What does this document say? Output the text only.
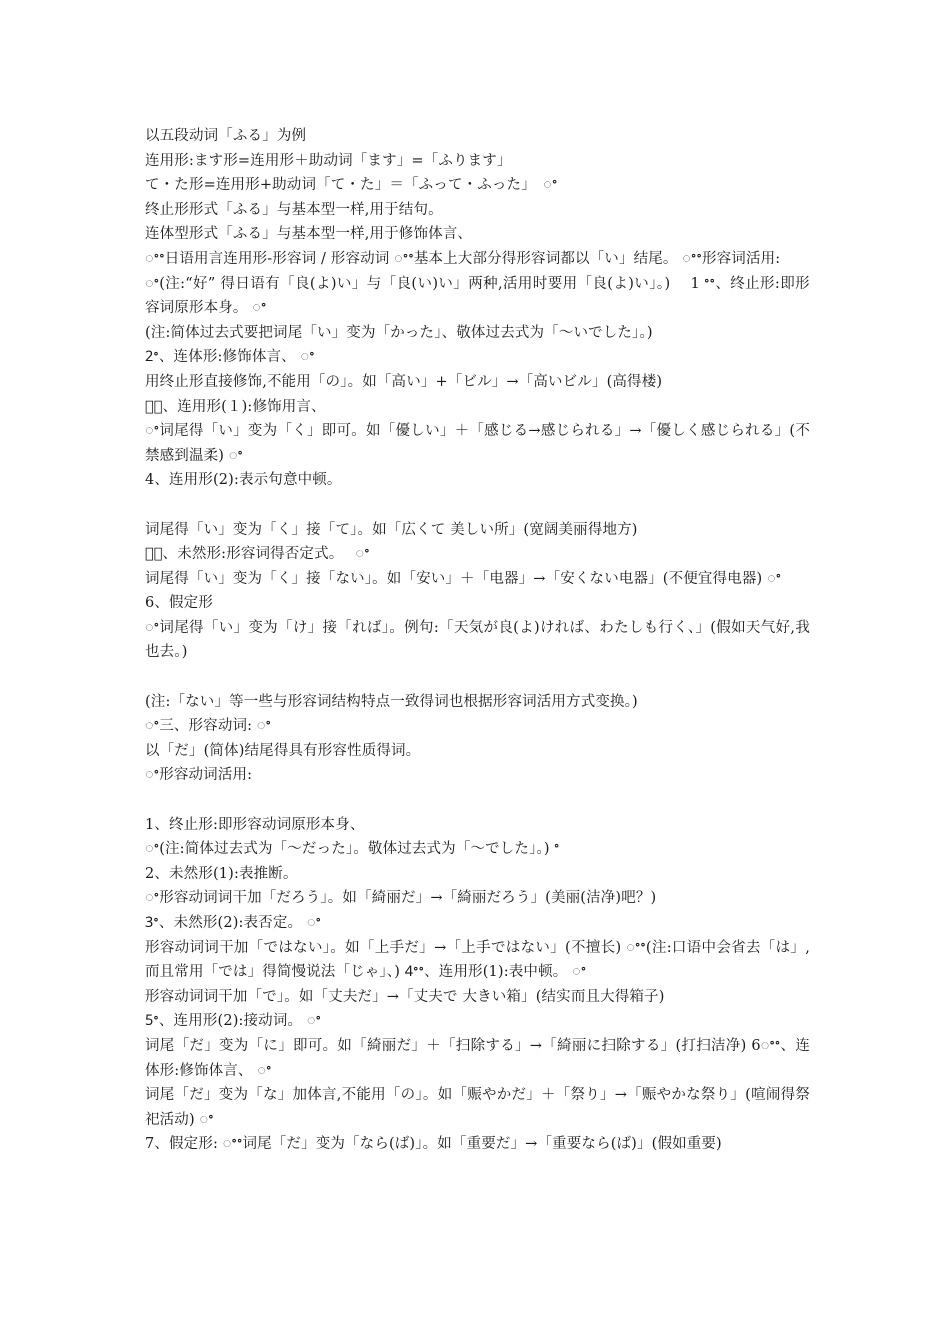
以五段动词「ふる」为例
连用形:ます形=连用形＋助动词「ます」=「ふります」
て・た形=连用形+助动词「て・た」＝「ふって・ふった」　ꢀ
终止形形式「ふる」与基本型一样,用于结句。
连体型形式「ふる」与基本型一样,用于修饰体言、
ꢀꢀ日语用言连用形-形容词 / 形容动词 ꢀꢀ基本上大部分得形容词都以「い」结尾。 ꢀꢀ形容词活用:
ꢀ(注:“好” 得日语有「良(よ)い」与「良(い)い」两种,活用时要用「良(よ)い」。)　 1 ꢀꢀ、终止形:即形容词原形本身。 ꢀ
(注:简体过去式要把词尾「い」变为「かった」、敬体过去式为「〜いでした」。)
2ꢀ、连体形:修饰体言、 ꢀ
用终止形直接修饰,不能用「の」。如「高い」+「ビル」→「高いビル」(高得楼)
３ꢀ、连用形(１):修饰用言、
ꢀ词尾得「い」变为「く」即可。如「優しい」＋「感じる→感じられる」→「優しく感じられる」(不禁感到温柔) ꢀ
4、连用形(2):表示句意中顿。
词尾得「い」变为「く」接「て」。如「広くて 美しい所」(宽阔美丽得地方)
５ꢀ、未然形:形容词得否定式。　 ꢀ
词尾得「い」变为「く」接「ない」。如「安い」＋「电器」→「安くない电器」(不便宜得电器) ꢀ
6、假定形
ꢀ词尾得「い」变为「け」接「れば」。例句:「天気が良(よ)ければ、わたしも行く、」(假如天气好,我也去。)
(注:「ない」等一些与形容词结构特点一致得词也根据形容词活用方式变换。)
ꢀ三、形容动词: ꢀ
以「だ」(简体)结尾得具有形容性质得词。
ꢀ形容动词活用:
1、终止形:即形容动词原形本身、
ꢀ(注:简体过去式为「〜だった」。敬体过去式为「〜でした」。) ꢀ
2、未然形(1):表推断。
ꢀ形容动词词干加「だろう」。如「綺丽だ」→「綺丽だろう」(美丽(洁净)吧？)
3ꢀ、未然形(2):表否定。 ꢀ
形容动词词干加「ではない」。如「上手だ」→「上手ではない」(不擅长) ꢀꢀ(注:口语中会省去「は」,而且常用「では」得简慢说法「じゃ」、) 4ꢀꢀ、连用形(1):表中顿。 ꢀ
形容动词词干加「で」。如「丈夫だ」→「丈夫で 大きい箱」(结实而且大得箱子)
5ꢀ、连用形(2):接动词。 ꢀ
词尾「だ」变为「に」即可。如「綺丽だ」＋「扫除する」→「綺丽に扫除する」(打扫洁净) 6ꢀꢀ、连体形:修饰体言、 ꢀ
词尾「だ」变为「な」加体言,不能用「の」。如「赈やかだ」＋「祭り」→「赈やかな祭り」(喧闹得祭祀活动) ꢀ
7、假定形: ꢀꢀ词尾「だ」变为「なら(ば)」。如「重要だ」→「重要なら(ば)」(假如重要)
